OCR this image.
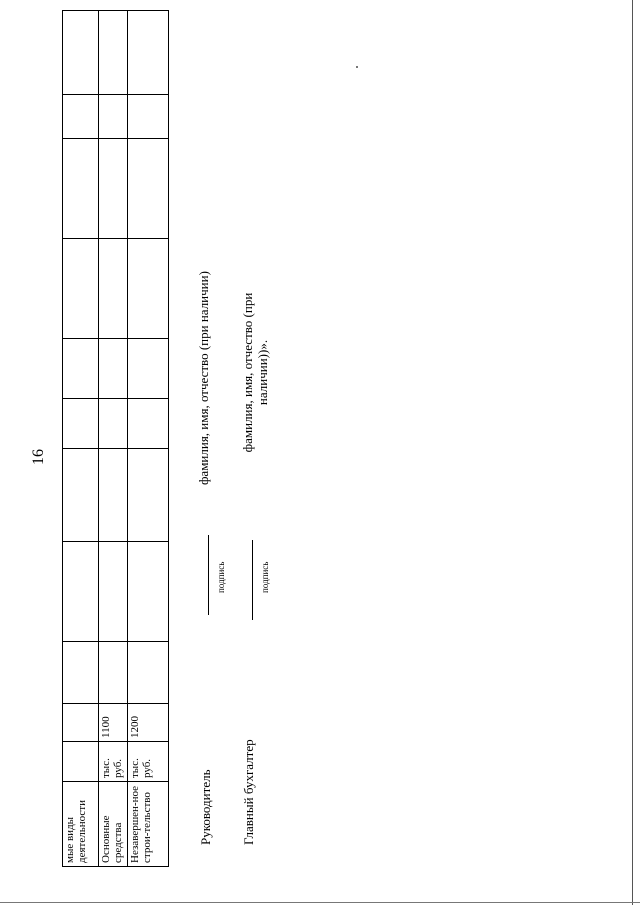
16
мые виды деятельности											
Основные средства	тыс. руб.	1100									
Незавершен-ное строи-тельство	тыс. руб.	1200									
Руководитель
подпись
фамилия, имя, отчество (при наличии)
Главный бухгалтер
подпись
фамилия, имя, отчество (при наличии))».
